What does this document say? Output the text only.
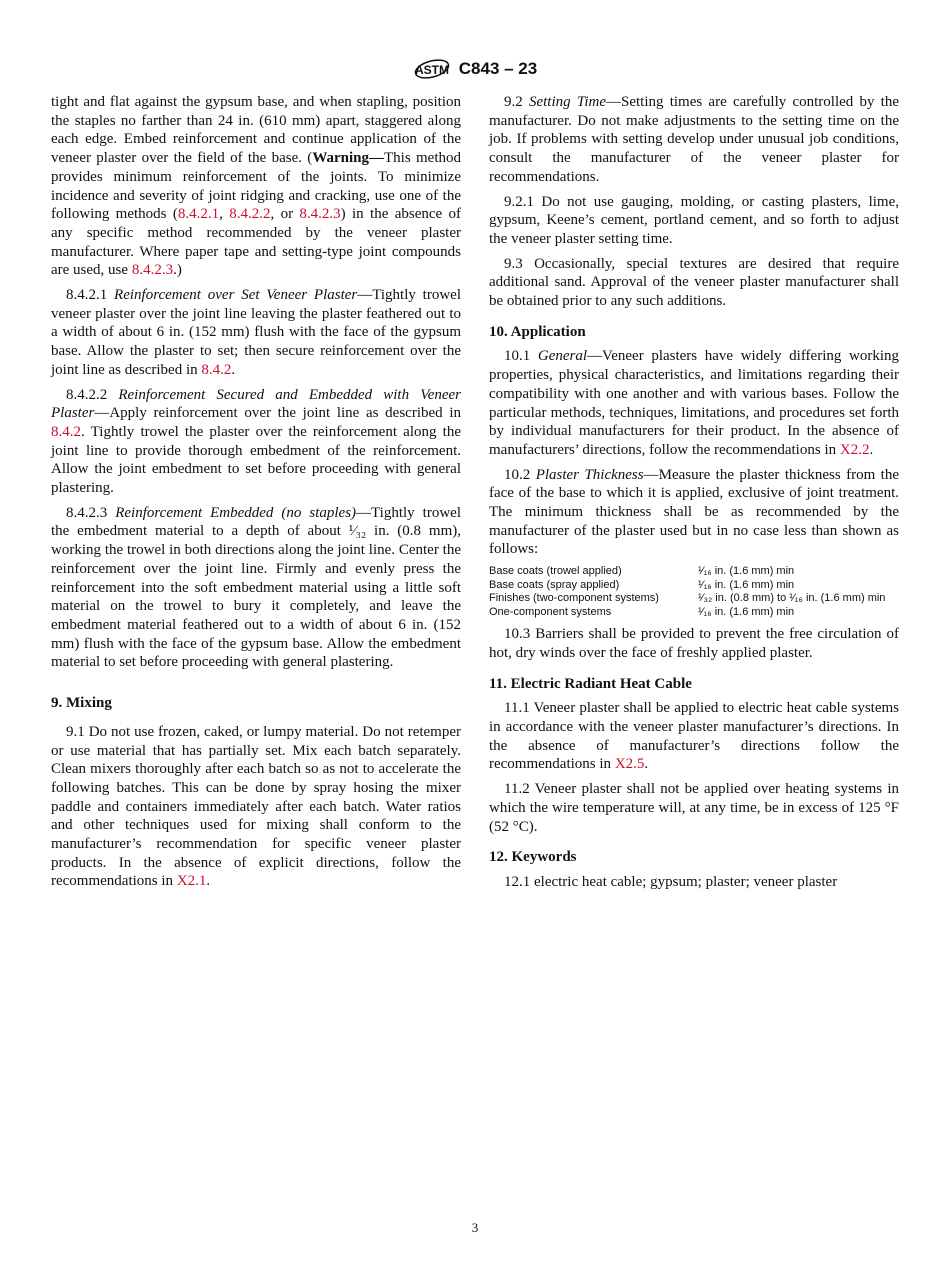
ASTM C843 – 23

tight and flat against the gypsum base, and when stapling, position the staples no farther than 24 in. (610 mm) apart, staggered along each edge. Embed reinforcement and continue application of the veneer plaster over the field of the base. (Warning—This method provides minimum reinforcement of the joints. To minimize incidence and severity of joint ridging and cracking, use one of the following methods (8.4.2.1, 8.4.2.2, or 8.4.2.3) in the absence of any specific method recommended by the veneer plaster manufacturer. Where paper tape and setting-type joint compounds are used, use 8.4.2.3.)

8.4.2.1 Reinforcement over Set Veneer Plaster—Tightly trowel veneer plaster over the joint line leaving the plaster feathered out to a width of about 6 in. (152 mm) flush with the face of the gypsum base. Allow the plaster to set; then secure reinforcement over the joint line as described in 8.4.2.

8.4.2.2 Reinforcement Secured and Embedded with Veneer Plaster—Apply reinforcement over the joint line as described in 8.4.2. Tightly trowel the plaster over the reinforcement along the joint line to provide thorough embedment of the reinforcement. Allow the joint embedment to set before proceeding with general plastering.

8.4.2.3 Reinforcement Embedded (no staples)—Tightly trowel the embedment material to a depth of about ¹⁄₃₂ in. (0.8 mm), working the trowel in both directions along the joint line. Center the reinforcement over the joint line. Firmly and evenly press the reinforcement into the soft embedment material using a little soft material on the trowel to bury it completely, and leave the embedment material feathered out to a width of about 6 in. (152 mm) flush with the face of the gypsum base. Allow the embedment material to set before proceeding with general plastering.

9. Mixing

9.1 Do not use frozen, caked, or lumpy material. Do not retemper or use material that has partially set. Mix each batch separately. Clean mixers thoroughly after each batch so as not to accelerate the following batches. This can be done by spray hosing the mixer paddle and containers immediately after each batch. Water ratios and other techniques used for mixing shall conform to the manufacturer’s recommendation for specific veneer plaster products. In the absence of explicit directions, follow the recommendations in X2.1.

9.2 Setting Time—Setting times are carefully controlled by the manufacturer. Do not make adjustments to the setting time on the job. If problems with setting develop under unusual job conditions, consult the manufacturer of the veneer plaster for recommendations.

9.2.1 Do not use gauging, molding, or casting plasters, lime, gypsum, Keene’s cement, portland cement, and so forth to adjust the veneer plaster setting time.

9.3 Occasionally, special textures are desired that require additional sand. Approval of the veneer plaster manufacturer shall be obtained prior to any such additions.

10. Application

10.1 General—Veneer plasters have widely differing working properties, physical characteristics, and limitations regarding their compatibility with one another and with various bases. Follow the particular methods, techniques, limitations, and procedures set forth by individual manufacturers for their product. In the absence of manufacturers’ directions, follow the recommendations in X2.2.

10.2 Plaster Thickness—Measure the plaster thickness from the face of the base to which it is applied, exclusive of joint treatment. The minimum thickness shall be as recommended by the manufacturer of the plaster used but in no case less than shown as follows:

Base coats (trowel applied)	¹⁄₁₆ in. (1.6 mm) min
Base coats (spray applied)	¹⁄₁₆ in. (1.6 mm) min
Finishes (two-component systems)	¹⁄₃₂ in. (0.8 mm) to ¹⁄₁₆ in. (1.6 mm) min
One-component systems	¹⁄₁₆ in. (1.6 mm) min

10.3 Barriers shall be provided to prevent the free circulation of hot, dry winds over the face of freshly applied plaster.

11. Electric Radiant Heat Cable

11.1 Veneer plaster shall be applied to electric heat cable systems in accordance with the veneer plaster manufacturer’s directions. In the absence of manufacturer’s directions follow the recommendations in X2.5.

11.2 Veneer plaster shall not be applied over heating systems in which the wire temperature will, at any time, be in excess of 125 °F (52 °C).

12. Keywords

12.1 electric heat cable; gypsum; plaster; veneer plaster

3
